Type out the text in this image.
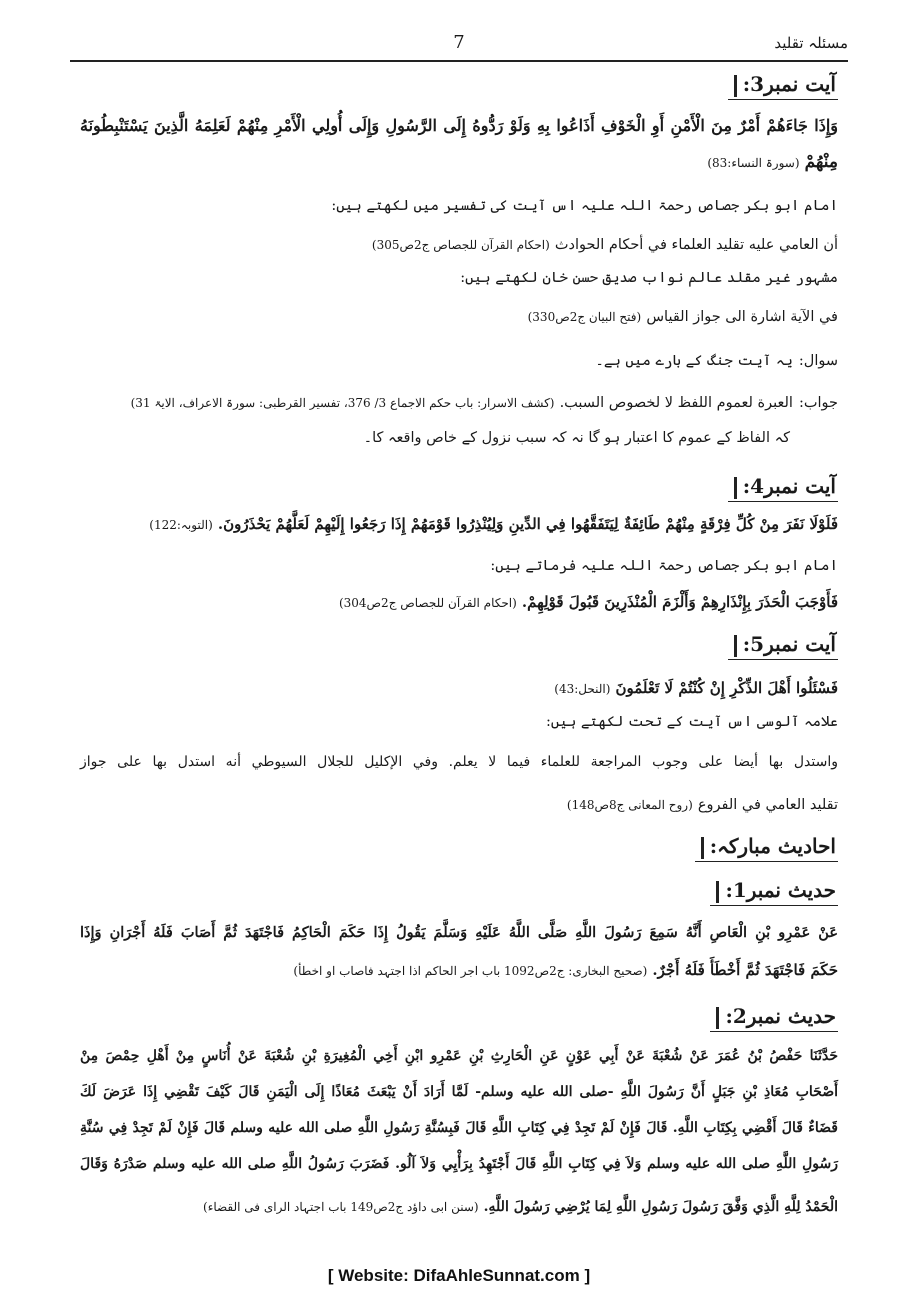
7	مسئلہ تقلید
آیت نمبر3:
وَإِذَا جَاءَهُمْ أَمْرٌ مِنَ الْأَمْنِ أَوِ الْخَوْفِ أَذَاعُوا بِهِ وَلَوْ رَدُّوهُ إِلَى الرَّسُولِ وَإِلَى أُولِي الْأَمْرِ مِنْهُمْ لَعَلِمَهُ الَّذِينَ يَسْتَنْبِطُونَهُ
مِنْهُمْ (سورۃ النساء:83)
امام ابو بکر جصاص رحمۃ اللہ علیہ اس آیت کی تفسیر میں لکھتے ہیں:
أن العامي عليه تقليد العلماء في أحكام الحوادث (احکام القرآن للجصاص ج2ص305)
مشہور غیر مقلد عالم نواب صدیق حسن خان لکھتے ہیں:
في الآية اشارة الى جواز القياس (فتح البیان ج2ص330)
سوال: یہ آیت جنگ کے بارے میں ہے۔
جواب: العبرة لعموم اللفظ لا لخصوص السبب. (کشف الاسرار: باب حکم الاجماع 3/ 376، تفسیر القرطبی: سورۃ الاعراف، الایۃ 31)
کہ الفاظ کے عموم کا اعتبار ہو گا نہ کہ سبب نزول کے خاص واقعہ کا۔
آیت نمبر4:
فَلَوْلَا نَفَرَ مِنْ كُلِّ فِرْقَةٍ مِنْهُمْ طَائِفَةٌ لِيَتَفَقَّهُوا فِي الدِّينِ وَلِيُنْذِرُوا قَوْمَهُمْ إِذَا رَجَعُوا إِلَيْهِمْ لَعَلَّهُمْ يَحْذَرُونَ. (التوبہ:122)
امام ابو بکر جصاص رحمۃ اللہ علیہ فرماتے ہیں:
فَأَوْجَبَ الْحَذَرَ بِإِنْذَارِهِمْ وَأَلْزَمَ الْمُنْذَرِينَ قَبُولَ قَوْلِهِمْ. (احکام القرآن للجصاص ج2ص304)
آیت نمبر5:
فَسْئَلُوا أَهْلَ الذِّكْرِ إِنْ كُنْتُمْ لَا تَعْلَمُونَ (النحل:43)
علامہ آلوسی اس آیت کے تحت لکھتے ہیں:
واستدل بها أيضا على وجوب المراجعة للعلماء فيما لا يعلم. وفي الإكليل للجلال السيوطي أنه استدل بها على جواز
تقليد العامي في الفروع (روح المعانی ج8ص148)
احادیث مبارکہ:
حدیث نمبر1:
عَنْ عَمْرِو بْنِ الْعَاصِ أَنَّهُ سَمِعَ رَسُولَ اللَّهِ صَلَّى اللَّهُ عَلَيْهِ وَسَلَّمَ يَقُولُ إِذَا حَكَمَ الْحَاكِمُ فَاجْتَهَدَ ثُمَّ أَصَابَ فَلَهُ أَجْرَانِ وَإِذَا
حَكَمَ فَاجْتَهَدَ ثُمَّ أَخْطَأَ فَلَهُ أَجْرٌ. (صحیح البخاری: ج2ص1092 باب اجر الحاکم اذا اجتہد فاصاب او اخطأ)
حدیث نمبر2:
حَدَّثَنَا حَفْصُ بْنُ عُمَرَ عَنْ شُعْبَةَ عَنْ أَبِي عَوْنٍ عَنِ الْحَارِثِ بْنِ عَمْرِو ابْنِ أَخِي الْمُغِيرَةِ بْنِ شُعْبَةَ عَنْ أُنَاسٍ مِنْ أَهْلِ حِمْصَ مِنْ
أَصْحَابِ مُعَاذِ بْنِ جَبَلٍ أَنَّ رَسُولَ اللَّهِ -صلى الله عليه وسلم- لَمَّا أَرَادَ أَنْ يَبْعَثَ مُعَاذًا إِلَى الْيَمَنِ قَالَ كَيْفَ تَقْضِي إِذَا عَرَضَ لَكَ
قَضَاءٌ قَالَ أَقْضِي بِكِتَابِ اللَّهِ. قَالَ فَإِنْ لَمْ تَجِدْ فِي كِتَابِ اللَّهِ قَالَ فَبِسُنَّةِ رَسُولِ اللَّهِ صلى الله عليه وسلم قَالَ فَإِنْ لَمْ تَجِدْ فِي سُنَّةِ
رَسُولِ اللَّهِ صلى الله عليه وسلم وَلاَ فِي كِتَابِ اللَّهِ قَالَ أَجْتَهِدُ بِرَأْيِي وَلاَ آلُو. فَضَرَبَ رَسُولُ اللَّهِ صلى الله عليه وسلم صَدْرَهُ وَقَالَ
الْحَمْدُ لِلَّهِ الَّذِي وَفَّقَ رَسُولَ رَسُولِ اللَّهِ لِمَا يُرْضِي رَسُولَ اللَّهِ. (سنن ابی داؤد ج2ص149 باب اجتہاد الرای فی القضاء)
[ Website: DifaAhleSunnat.com ]
